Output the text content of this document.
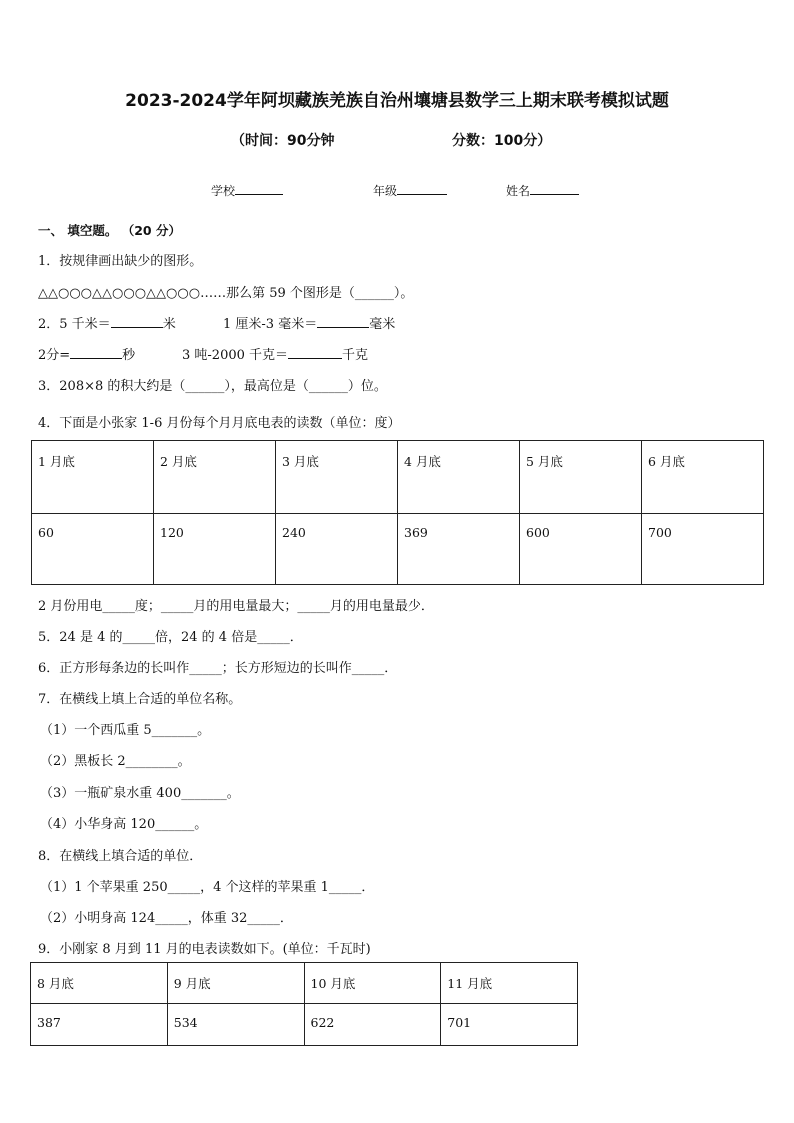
2023-2024学年阿坝藏族羌族自治州壤塘县数学三上期末联考模拟试题
（时间：90分钟	分数：100分）
学校	年级	姓名
一、 填空题。 （20 分）
1．按规律画出缺少的图形。
△△○○○△△○○○△△○○○……那么第 59 个图形是（______）。
2．5 千米＝	米	1 厘米-3 毫米＝	毫米
2分=	秒	3 吨-2000 千克＝	千克
3．208×8 的积大约是（______），最高位是（______）位。
4．下面是小张家 1-6 月份每个月月底电表的读数（单位：度）
1 月底	2 月底	3 月底	4 月底	5 月底	6 月底
60	120	240	369	600	700
2 月份用电_____度；_____月的用电量最大；_____月的用电量最少．
5．24 是 4 的_____倍，24 的 4 倍是_____．
6．正方形每条边的长叫作_____；长方形短边的长叫作_____．
7．在横线上填上合适的单位名称。
（1）一个西瓜重 5_______。
（2）黑板长 2________。
（3）一瓶矿泉水重 400_______。
（4）小华身高 120______。
8．在横线上填合适的单位．
（1）1 个苹果重 250_____，4 个这样的苹果重 1_____．
（2）小明身高 124_____，体重 32_____．
9．小刚家 8 月到 11 月的电表读数如下。(单位：千瓦时)
8 月底	9 月底	10 月底	11 月底
387	534	622	701
